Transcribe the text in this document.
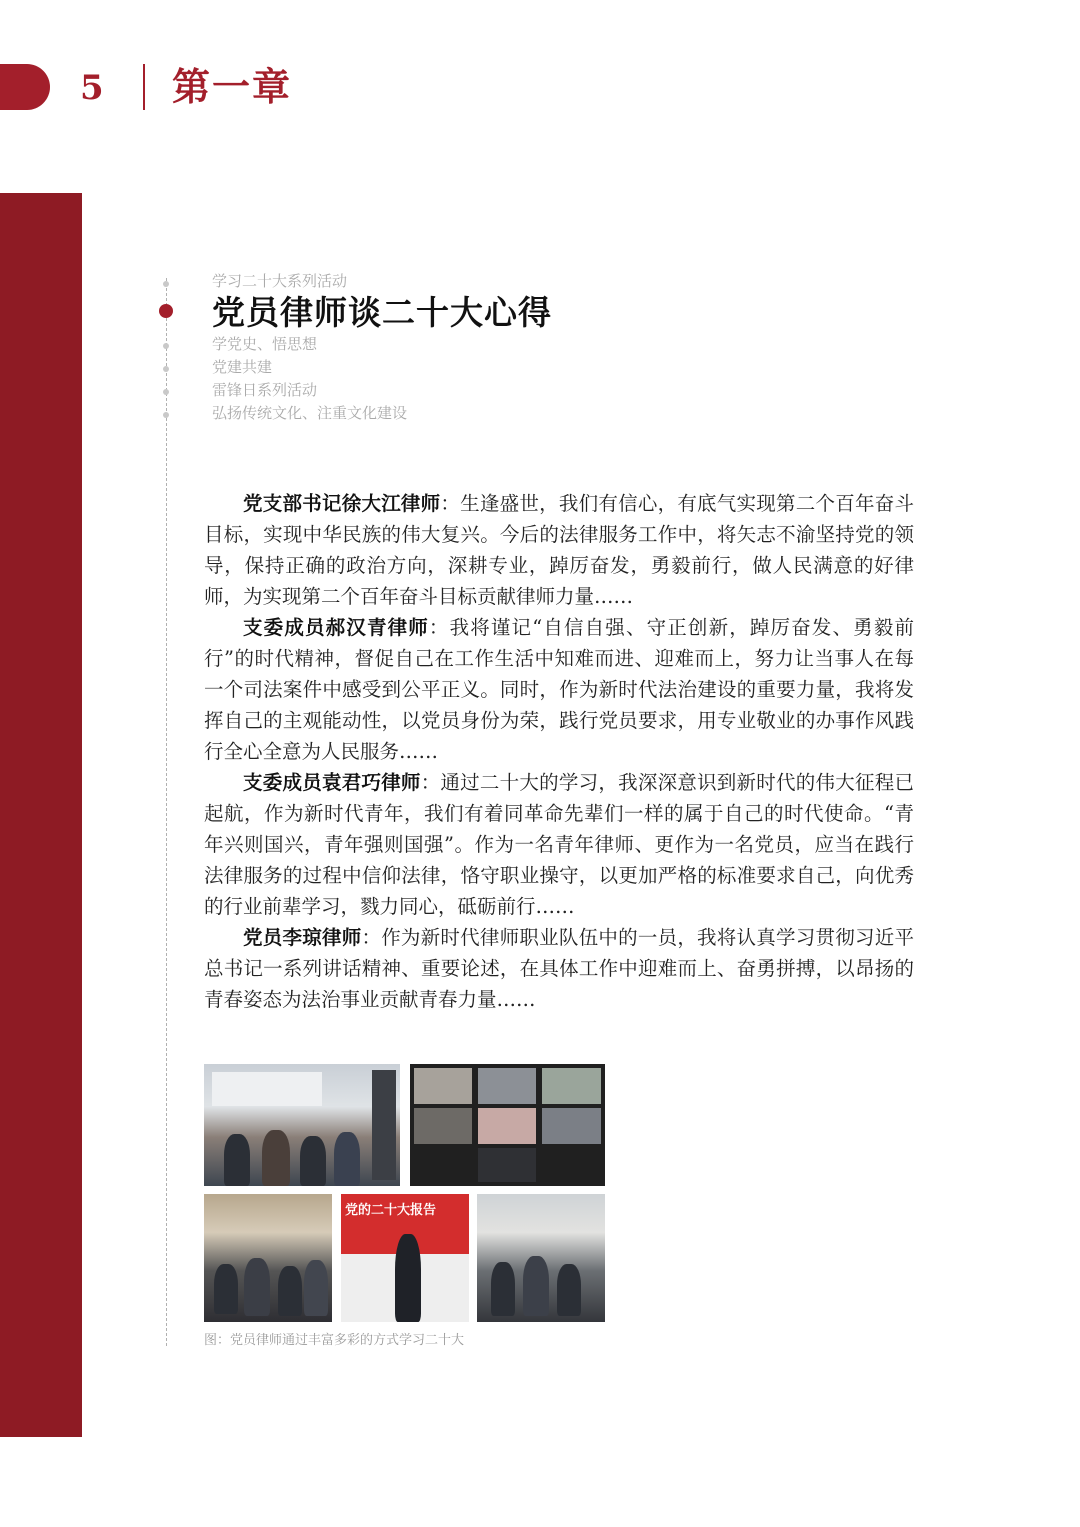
5 第一章
学习二十大系列活动
党员律师谈二十大心得
学党史、悟思想
党建共建
雷锋日系列活动
弘扬传统文化、注重文化建设

党支部书记徐大江律师：生逢盛世，我们有信心，有底气实现第二个百年奋斗目标，实现中华民族的伟大复兴。今后的法律服务工作中，将矢志不渝坚持党的领导，保持正确的政治方向，深耕专业，踔厉奋发，勇毅前行，做人民满意的好律师，为实现第二个百年奋斗目标贡献律师力量……

支委成员郝汉青律师：我将谨记“自信自强、守正创新，踔厉奋发、勇毅前行”的时代精神，督促自己在工作生活中知难而进、迎难而上，努力让当事人在每一个司法案件中感受到公平正义。同时，作为新时代法治建设的重要力量，我将发挥自己的主观能动性，以党员身份为荣，践行党员要求，用专业敬业的办事作风践行全心全意为人民服务……

支委成员袁君巧律师：通过二十大的学习，我深深意识到新时代的伟大征程已起航，作为新时代青年，我们有着同革命先辈们一样的属于自己的时代使命。“青年兴则国兴，青年强则国强”。作为一名青年律师、更作为一名党员，应当在践行法律服务的过程中信仰法律，恪守职业操守，以更加严格的标准要求自己，向优秀的行业前辈学习，戮力同心，砥砺前行……

党员李琼律师：作为新时代律师职业队伍中的一员，我将认真学习贯彻习近平总书记一系列讲话精神、重要论述，在具体工作中迎难而上、奋勇拼搏，以昂扬的青春姿态为法治事业贡献青春力量……

党的二十大报告
图：党员律师通过丰富多彩的方式学习二十大
